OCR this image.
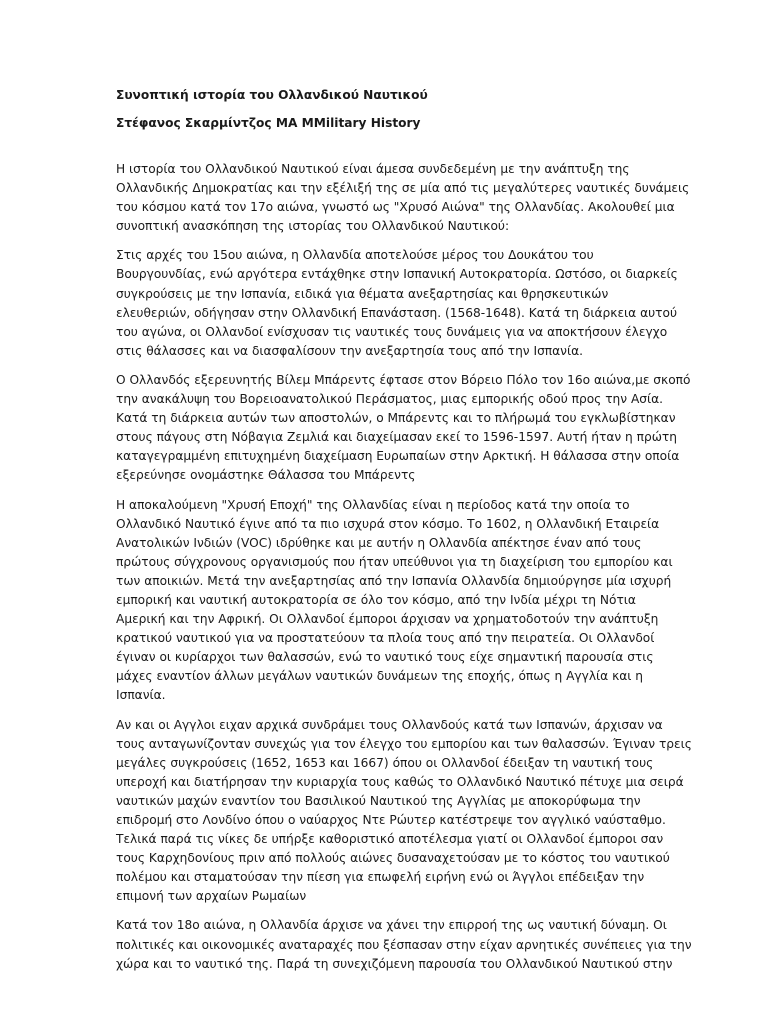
Συνοπτική ιστορία του Ολλανδικού Ναυτικού

Στέφανος Σκαρμίντζος MA MMilitary History

Η ιστορία του Ολλανδικού Ναυτικού είναι άμεσα συνδεδεμένη με την ανάπτυξη της
Ολλανδικής Δημοκρατίας και την εξέλιξή της σε μία από τις μεγαλύτερες ναυτικές δυνάμεις
του κόσμου κατά τον 17ο αιώνα, γνωστό ως "Χρυσό Αιώνα" της Ολλανδίας. Ακολουθεί μια
συνοπτική ανασκόπηση της ιστορίας του Ολλανδικού Ναυτικού:

Στις αρχές του 15ου αιώνα, η Ολλανδία αποτελούσε μέρος του Δουκάτου του
Βουργουνδίας, ενώ αργότερα εντάχθηκε στην Ισπανική Αυτοκρατορία. Ωστόσο, οι διαρκείς
συγκρούσεις με την Ισπανία, ειδικά για θέματα ανεξαρτησίας και θρησκευτικών
ελευθεριών, οδήγησαν στην Ολλανδική Επανάσταση. (1568-1648). Κατά τη διάρκεια αυτού
του αγώνα, οι Ολλανδοί ενίσχυσαν τις ναυτικές τους δυνάμεις για να αποκτήσουν έλεγχο
στις θάλασσες και να διασφαλίσουν την ανεξαρτησία τους από την Ισπανία.

Ο Ολλανδός εξερευνητής Βίλεμ Μπάρεντς έφτασε στον Βόρειο Πόλο τον 16ο αιώνα,με σκοπό
την ανακάλυψη του Βορειοανατολικού Περάσματος, μιας εμπορικής οδού προς την Ασία.
Κατά τη διάρκεια αυτών των αποστολών, ο Μπάρεντς και το πλήρωμά του εγκλωβίστηκαν
στους πάγους στη Νόβαγια Ζεμλιά και διαχείμασαν εκεί το 1596-1597. Αυτή ήταν η πρώτη
καταγεγραμμένη επιτυχημένη διαχείμαση Ευρωπαίων στην Αρκτική. Η θάλασσα στην οποία
εξερεύνησε ονομάστηκε Θάλασσα του Μπάρεντς

Η αποκαλούμενη "Χρυσή Εποχή" της Ολλανδίας είναι η περίοδος κατά την οποία το
Ολλανδικό Ναυτικό έγινε από τα πιο ισχυρά στον κόσμο. Το 1602, η Ολλανδική Εταιρεία
Ανατολικών Ινδιών (VOC) ιδρύθηκε και με αυτήν η Ολλανδία απέκτησε έναν από τους
πρώτους σύγχρονους οργανισμούς που ήταν υπεύθυνοι για τη διαχείριση του εμπορίου και
των αποικιών. Μετά την ανεξαρτησίας από την Ισπανία Ολλανδία δημιούργησε μία ισχυρή
εμπορική και ναυτική αυτοκρατορία σε όλο τον κόσμο, από την Ινδία μέχρι τη Νότια
Αμερική και την Αφρική. Οι Ολλανδοί έμποροι άρχισαν να χρηματοδοτούν την ανάπτυξη
κρατικού ναυτικού για να προστατεύουν τα πλοία τους από την πειρατεία. Οι Ολλανδοί
έγιναν οι κυρίαρχοι των θαλασσών, ενώ το ναυτικό τους είχε σημαντική παρουσία στις
μάχες εναντίον άλλων μεγάλων ναυτικών δυνάμεων της εποχής, όπως η Αγγλία και η
Ισπανία.

Αν και οι Αγγλοι ειχαν αρχικά συνδράμει τους Ολλανδούς κατά των Ισπανών, άρχισαν να
τους ανταγωνίζονταν συνεχώς για τον έλεγχο του εμπορίου και των θαλασσών. Έγιναν τρεις
μεγάλες συγκρούσεις (1652, 1653 και 1667) όπου οι Ολλανδοί έδειξαν τη ναυτική τους
υπεροχή και διατήρησαν την κυριαρχία τους καθώς το Ολλανδικό Ναυτικό πέτυχε μια σειρά
ναυτικών μαχών εναντίον του Βασιλικού Ναυτικού της Αγγλίας με αποκορύφωμα την
επιδρομή στο Λονδίνο όπου ο ναύαρχος Ντε Ρώυτερ κατέστρεψε τον αγγλικό ναύσταθμο.
Τελικά παρά τις νίκες δε υπήρξε καθοριστικό αποτέλεσμα γιατί οι Ολλανδοί έμποροι σαν
τους Καρχηδονίους πριν από πολλούς αιώνες δυσαναχετούσαν με το κόστος του ναυτικού
πολέμου και σταματούσαν την πίεση για επωφελή ειρήνη ενώ οι Άγγλοι επέδειξαν την
επιμονή των αρχαίων Ρωμαίων

Κατά τον 18ο αιώνα, η Ολλανδία άρχισε να χάνει την επιρροή της ως ναυτική δύναμη. Οι
πολιτικές και οικονομικές αναταραχές που ξέσπασαν στην είχαν αρνητικές συνέπειες για την
χώρα και το ναυτικό της. Παρά τη συνεχιζόμενη παρουσία του Ολλανδικού Ναυτικού στην
